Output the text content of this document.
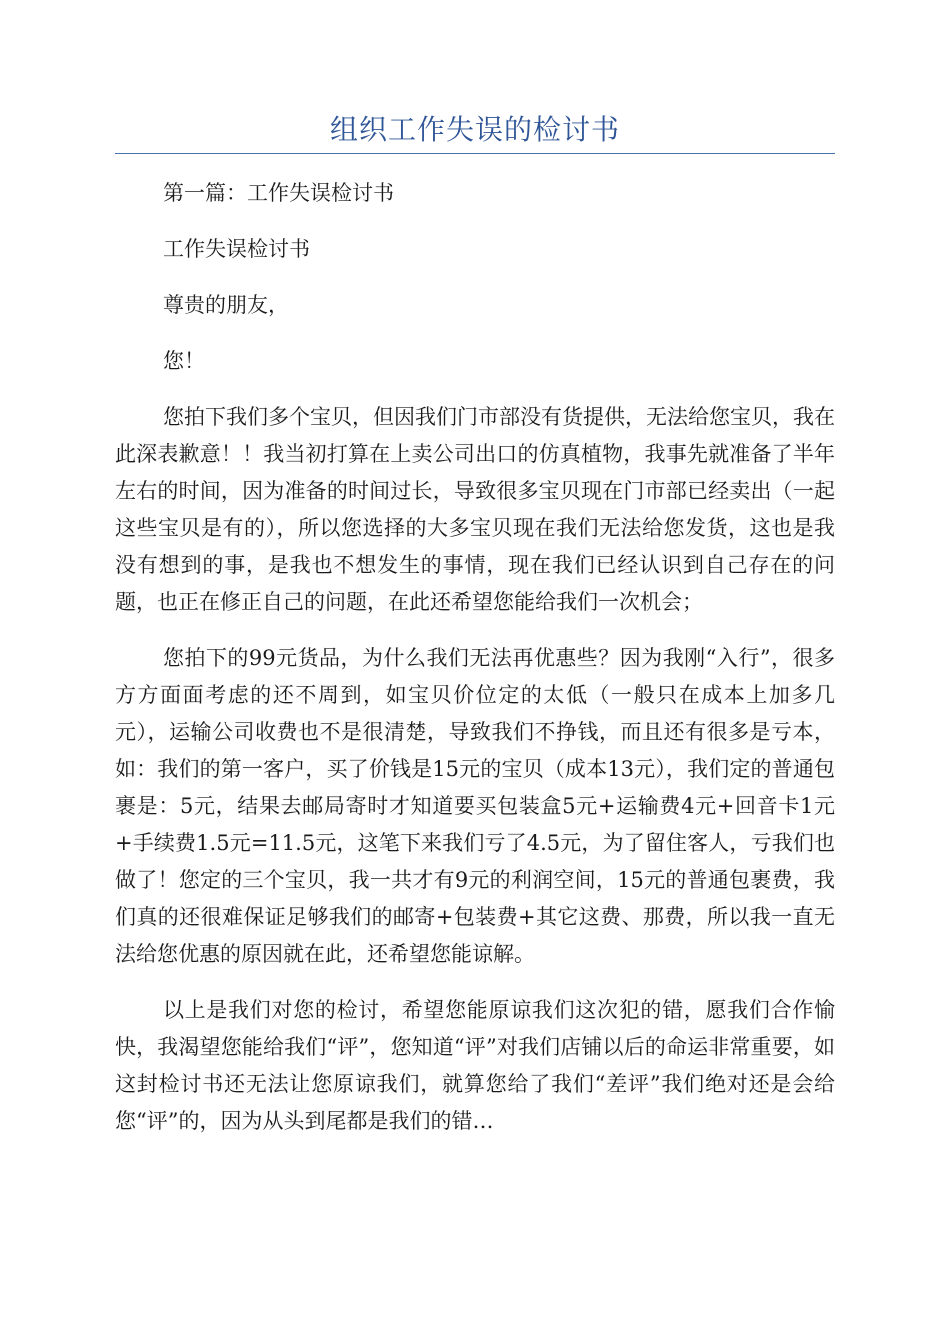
组织工作失误的检讨书

第一篇：工作失误检讨书

工作失误检讨书

尊贵的朋友，

您！

您拍下我们多个宝贝，但因我们门市部没有货提供，无法给您宝贝，我在此深表歉意！！我当初打算在上卖公司出口的仿真植物，我事先就准备了半年左右的时间，因为准备的时间过长，导致很多宝贝现在门市部已经卖出（一起这些宝贝是有的），所以您选择的大多宝贝现在我们无法给您发货，这也是我没有想到的事，是我也不想发生的事情，现在我们已经认识到自己存在的问题，也正在修正自己的问题，在此还希望您能给我们一次机会；

您拍下的99元货品，为什么我们无法再优惠些？因为我刚“入行”，很多方方面面考虑的还不周到，如宝贝价位定的太低（一般只在成本上加多几元），运输公司收费也不是很清楚，导致我们不挣钱，而且还有很多是亏本，如：我们的第一客户，买了价钱是15元的宝贝（成本13元），我们定的普通包裹是：5元，结果去邮局寄时才知道要买包装盒5元+运输费4元+回音卡1元+手续费1.5元=11.5元，这笔下来我们亏了4.5元，为了留住客人，亏我们也做了！您定的三个宝贝，我一共才有9元的利润空间，15元的普通包裹费，我们真的还很难保证足够我们的邮寄+包装费+其它这费、那费，所以我一直无法给您优惠的原因就在此，还希望您能谅解。

以上是我们对您的检讨，希望您能原谅我们这次犯的错，愿我们合作愉快，我渴望您能给我们“评”，您知道“评”对我们店铺以后的命运非常重要，如这封检讨书还无法让您原谅我们，就算您给了我们“差评”我们绝对还是会给您“评”的，因为从头到尾都是我们的错…
